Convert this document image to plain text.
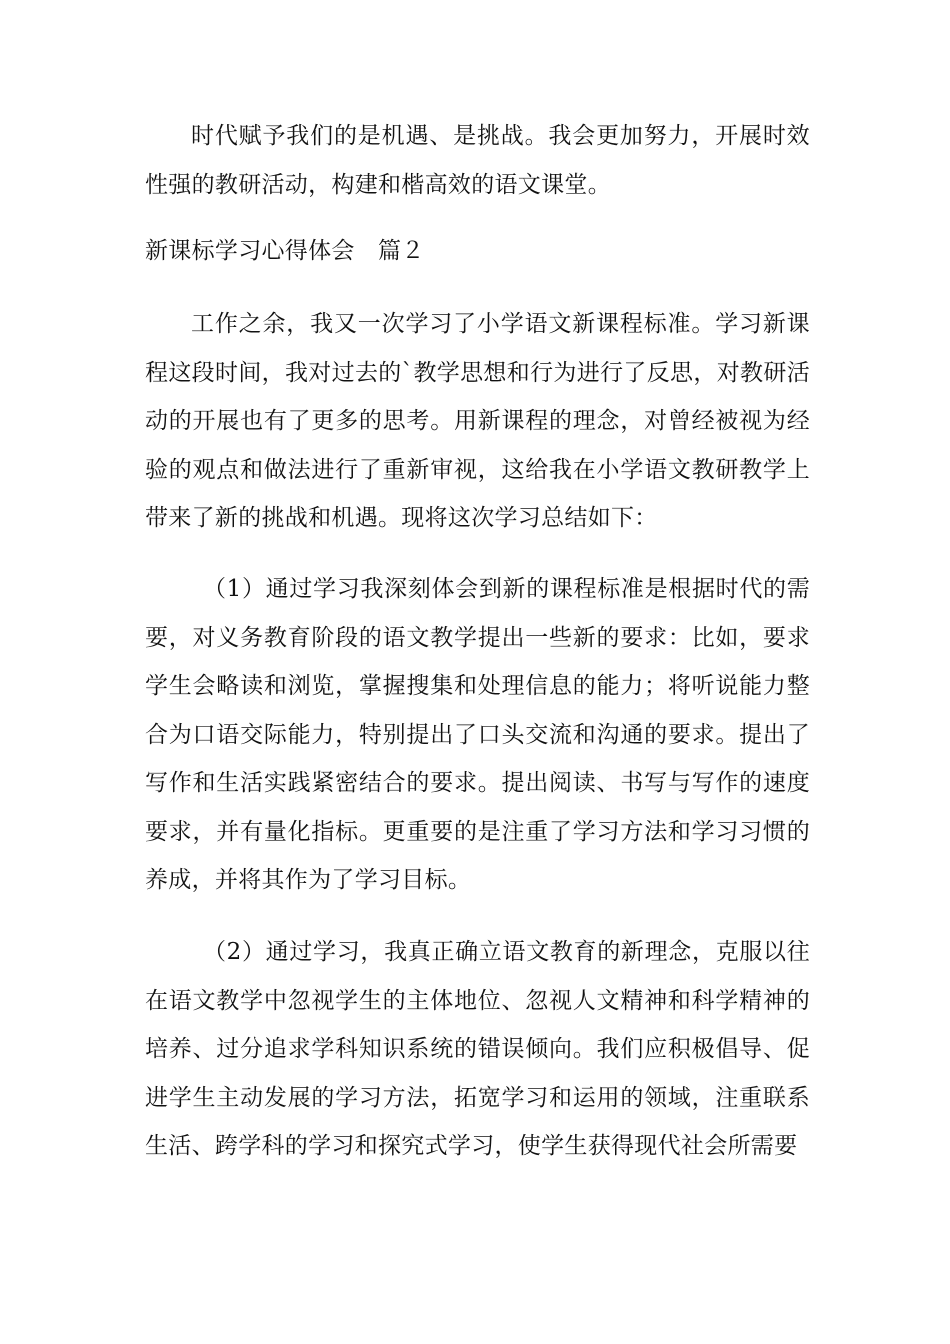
时代赋予我们的是机遇、是挑战。我会更加努力，开展时效性强的教研活动，构建和楷高效的语文课堂。

新课标学习心得体会　篇２

工作之余，我又一次学习了小学语文新课程标准。学习新课程这段时间，我对过去的`教学思想和行为进行了反思，对教研活动的开展也有了更多的思考。用新课程的理念，对曾经被视为经验的观点和做法进行了重新审视，这给我在小学语文教研教学上带来了新的挑战和机遇。现将这次学习总结如下：

（1）通过学习我深刻体会到新的课程标准是根据时代的需要，对义务教育阶段的语文教学提出一些新的要求：比如，要求学生会略读和浏览，掌握搜集和处理信息的能力；将听说能力整合为口语交际能力，特别提出了口头交流和沟通的要求。提出了写作和生活实践紧密结合的要求。提出阅读、书写与写作的速度要求，并有量化指标。更重要的是注重了学习方法和学习习惯的养成，并将其作为了学习目标。

（2）通过学习，我真正确立语文教育的新理念，克服以往在语文教学中忽视学生的主体地位、忽视人文精神和科学精神的培养、过分追求学科知识系统的错误倾向。我们应积极倡导、促进学生主动发展的学习方法，拓宽学习和运用的领域，注重联系生活、跨学科的学习和探究式学习，使学生获得现代社会所需要
